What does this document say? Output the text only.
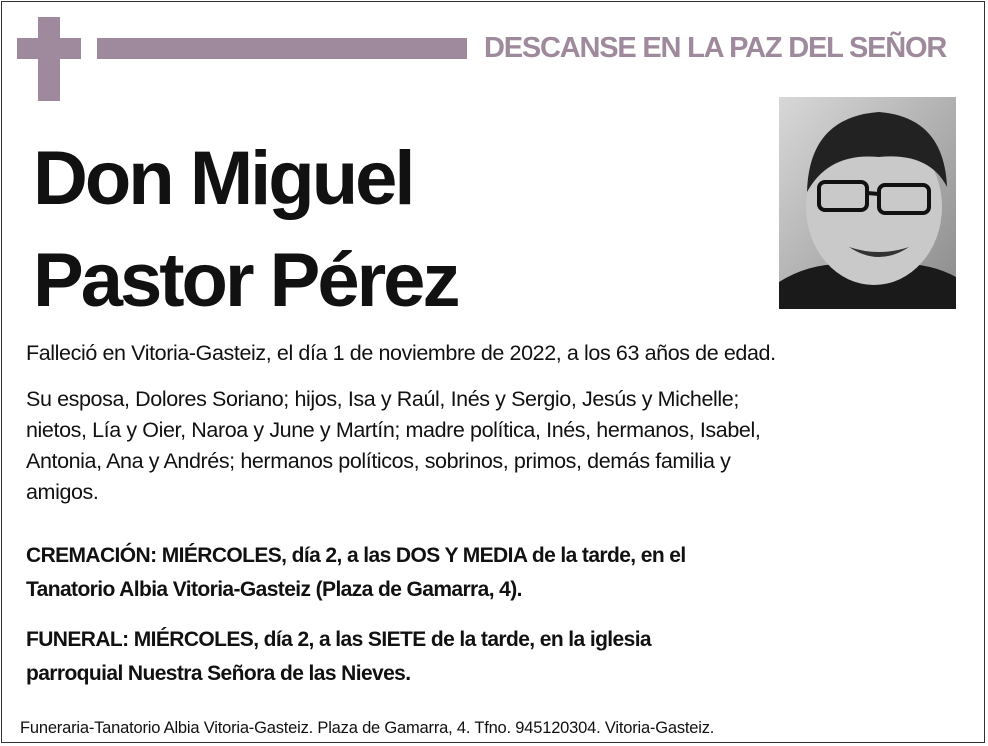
DESCANSE EN LA PAZ DEL SEÑOR
Don Miguel
Pastor Pérez
Falleció en Vitoria-Gasteiz, el día 1 de noviembre de 2022, a los 63 años de edad.
Su esposa, Dolores Soriano; hijos, Isa y Raúl, Inés y Sergio, Jesús y Michelle;
nietos, Lía y Oier, Naroa y June y Martín; madre política, Inés, hermanos, Isabel,
Antonia, Ana y Andrés; hermanos políticos, sobrinos, primos, demás familia y
amigos.
CREMACIÓN: MIÉRCOLES, día 2, a las DOS Y MEDIA de la tarde, en el
Tanatorio Albia Vitoria-Gasteiz (Plaza de Gamarra, 4).
FUNERAL: MIÉRCOLES, día 2, a las SIETE de la tarde, en la iglesia
parroquial Nuestra Señora de las Nieves.
Funeraria-Tanatorio Albia Vitoria-Gasteiz. Plaza de Gamarra, 4. Tfno. 945120304. Vitoria-Gasteiz.
